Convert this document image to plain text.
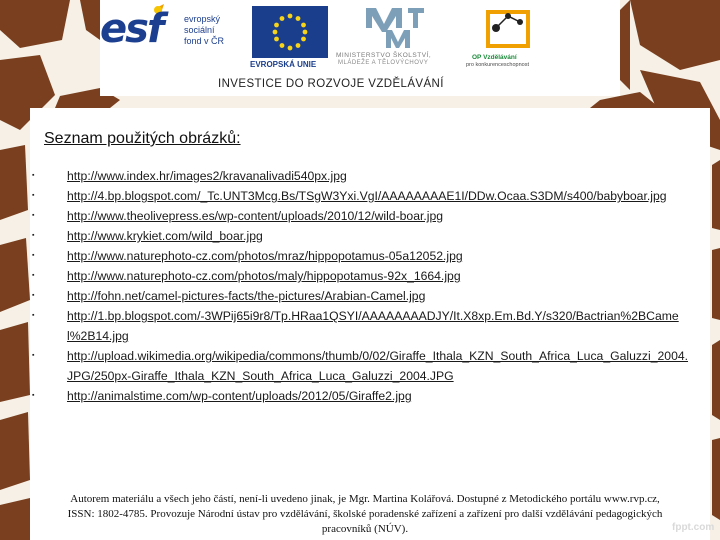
esf evropský
sociální
fond v ČR
EVROPSKÁ UNIE
MINISTERSTVO ŠKOLSTVÍ,
MLÁDEŽE A TĚLOVÝCHOVY
OP Vzdělávání
pro konkurenceschopnost
INVESTICE DO ROZVOJE VZDĚLÁVÁNÍ
Seznam použitých obrázků:
▪	http://www.index.hr/images2/kravanalivadi540px.jpg
▪	http://4.bp.blogspot.com/_Tc.UNT3Mcg.Bs/TSgW3Yxi.VgI/AAAAAAAAE1I/DDw.Ocaa.S3DM/s400/babyboar.jpg
▪	http://www.theolivepress.es/wp-content/uploads/2010/12/wild-boar.jpg
▪	http://www.krykiet.com/wild_boar.jpg
▪	http://www.naturephoto-cz.com/photos/mraz/hippopotamus-05a12052.jpg
▪	http://www.naturephoto-cz.com/photos/maly/hippopotamus-92x_1664.jpg
▪	http://fohn.net/camel-pictures-facts/the-pictures/Arabian-Camel.jpg
▪	http://1.bp.blogspot.com/-3WPij65i9r8/Tp.HRaa1QSYI/AAAAAAAADJY/It.X8xp.Em.Bd.Y/s320/Bactrian%2BCamel%2B14.jpg
▪	http://upload.wikimedia.org/wikipedia/commons/thumb/0/02/Giraffe_Ithala_KZN_South_Africa_Luca_Galuzzi_2004.JPG/250px-Giraffe_Ithala_KZN_South_Africa_Luca_Galuzzi_2004.JPG
▪	http://animalstime.com/wp-content/uploads/2012/05/Giraffe2.jpg
Autorem materiálu a všech jeho částí, není-li uvedeno jinak, je Mgr. Martina Kolářová. Dostupné z Metodického portálu www.rvp.cz, ISSN: 1802-4785. Provozuje Národní ústav pro vzdělávání, školské poradenské zařízení a zařízení pro další vzdělávání pedagogických pracovníků (NÚV).	fppt.com
